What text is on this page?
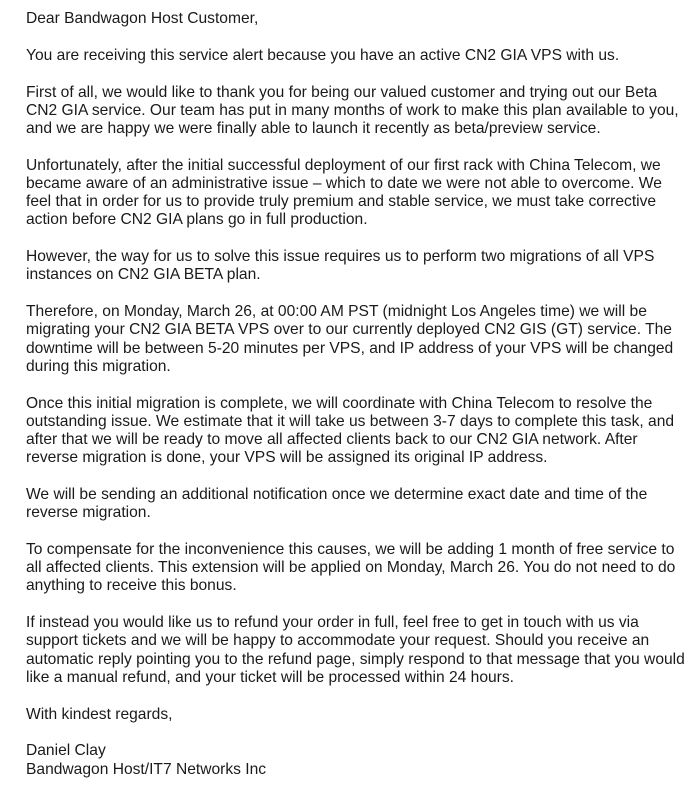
Dear Bandwagon Host Customer,

You are receiving this service alert because you have an active CN2 GIA VPS with us.

First of all, we would like to thank you for being our valued customer and trying out our Beta CN2 GIA service. Our team has put in many months of work to make this plan available to you, and we are happy we were finally able to launch it recently as beta/preview service.

Unfortunately, after the initial successful deployment of our first rack with China Telecom, we became aware of an administrative issue – which to date we were not able to overcome. We feel that in order for us to provide truly premium and stable service, we must take corrective action before CN2 GIA plans go in full production.

However, the way for us to solve this issue requires us to perform two migrations of all VPS instances on CN2 GIA BETA plan.

Therefore, on Monday, March 26, at 00:00 AM PST (midnight Los Angeles time) we will be migrating your CN2 GIA BETA VPS over to our currently deployed CN2 GIS (GT) service. The downtime will be between 5-20 minutes per VPS, and IP address of your VPS will be changed during this migration.

Once this initial migration is complete, we will coordinate with China Telecom to resolve the outstanding issue. We estimate that it will take us between 3-7 days to complete this task, and after that we will be ready to move all affected clients back to our CN2 GIA network. After reverse migration is done, your VPS will be assigned its original IP address.

We will be sending an additional notification once we determine exact date and time of the reverse migration.

To compensate for the inconvenience this causes, we will be adding 1 month of free service to all affected clients. This extension will be applied on Monday, March 26. You do not need to do anything to receive this bonus.

If instead you would like us to refund your order in full, feel free to get in touch with us via support tickets and we will be happy to accommodate your request. Should you receive an automatic reply pointing you to the refund page, simply respond to that message that you would like a manual refund, and your ticket will be processed within 24 hours.

With kindest regards,

Daniel Clay
Bandwagon Host/IT7 Networks Inc
